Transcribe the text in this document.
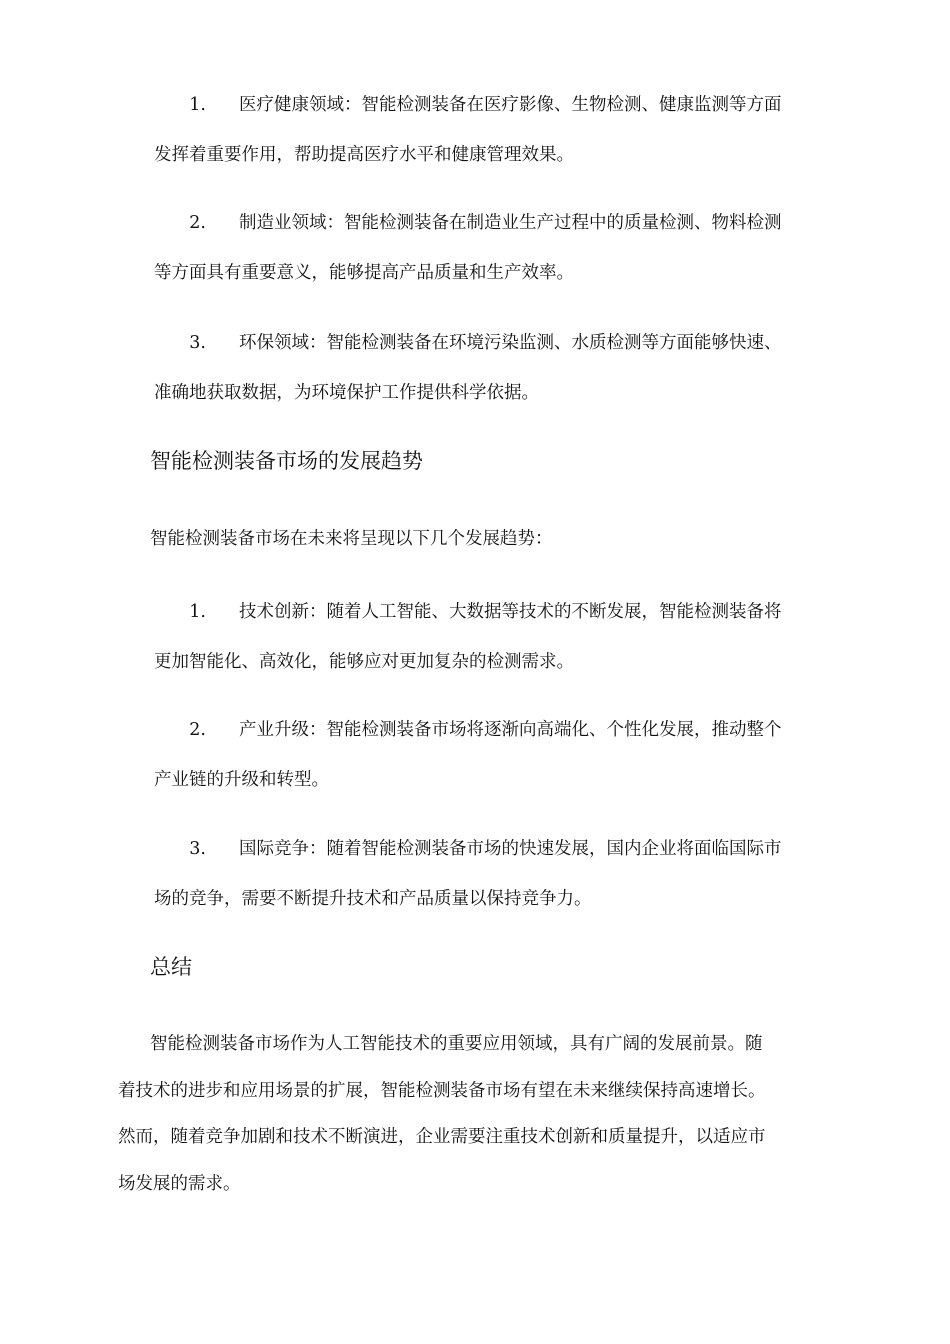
1. 医疗健康领域：智能检测装备在医疗影像、生物检测、健康监测等方面
发挥着重要作用，帮助提高医疗水平和健康管理效果。
2. 制造业领域：智能检测装备在制造业生产过程中的质量检测、物料检测
等方面具有重要意义，能够提高产品质量和生产效率。
3. 环保领域：智能检测装备在环境污染监测、水质检测等方面能够快速、
准确地获取数据，为环境保护工作提供科学依据。
智能检测装备市场的发展趋势
智能检测装备市场在未来将呈现以下几个发展趋势：
1. 技术创新：随着人工智能、大数据等技术的不断发展，智能检测装备将
更加智能化、高效化，能够应对更加复杂的检测需求。
2. 产业升级：智能检测装备市场将逐渐向高端化、个性化发展，推动整个
产业链的升级和转型。
3. 国际竞争：随着智能检测装备市场的快速发展，国内企业将面临国际市
场的竞争，需要不断提升技术和产品质量以保持竞争力。
总结
智能检测装备市场作为人工智能技术的重要应用领域，具有广阔的发展前景。随
着技术的进步和应用场景的扩展，智能检测装备市场有望在未来继续保持高速增长。
然而，随着竞争加剧和技术不断演进，企业需要注重技术创新和质量提升，以适应市
场发展的需求。
